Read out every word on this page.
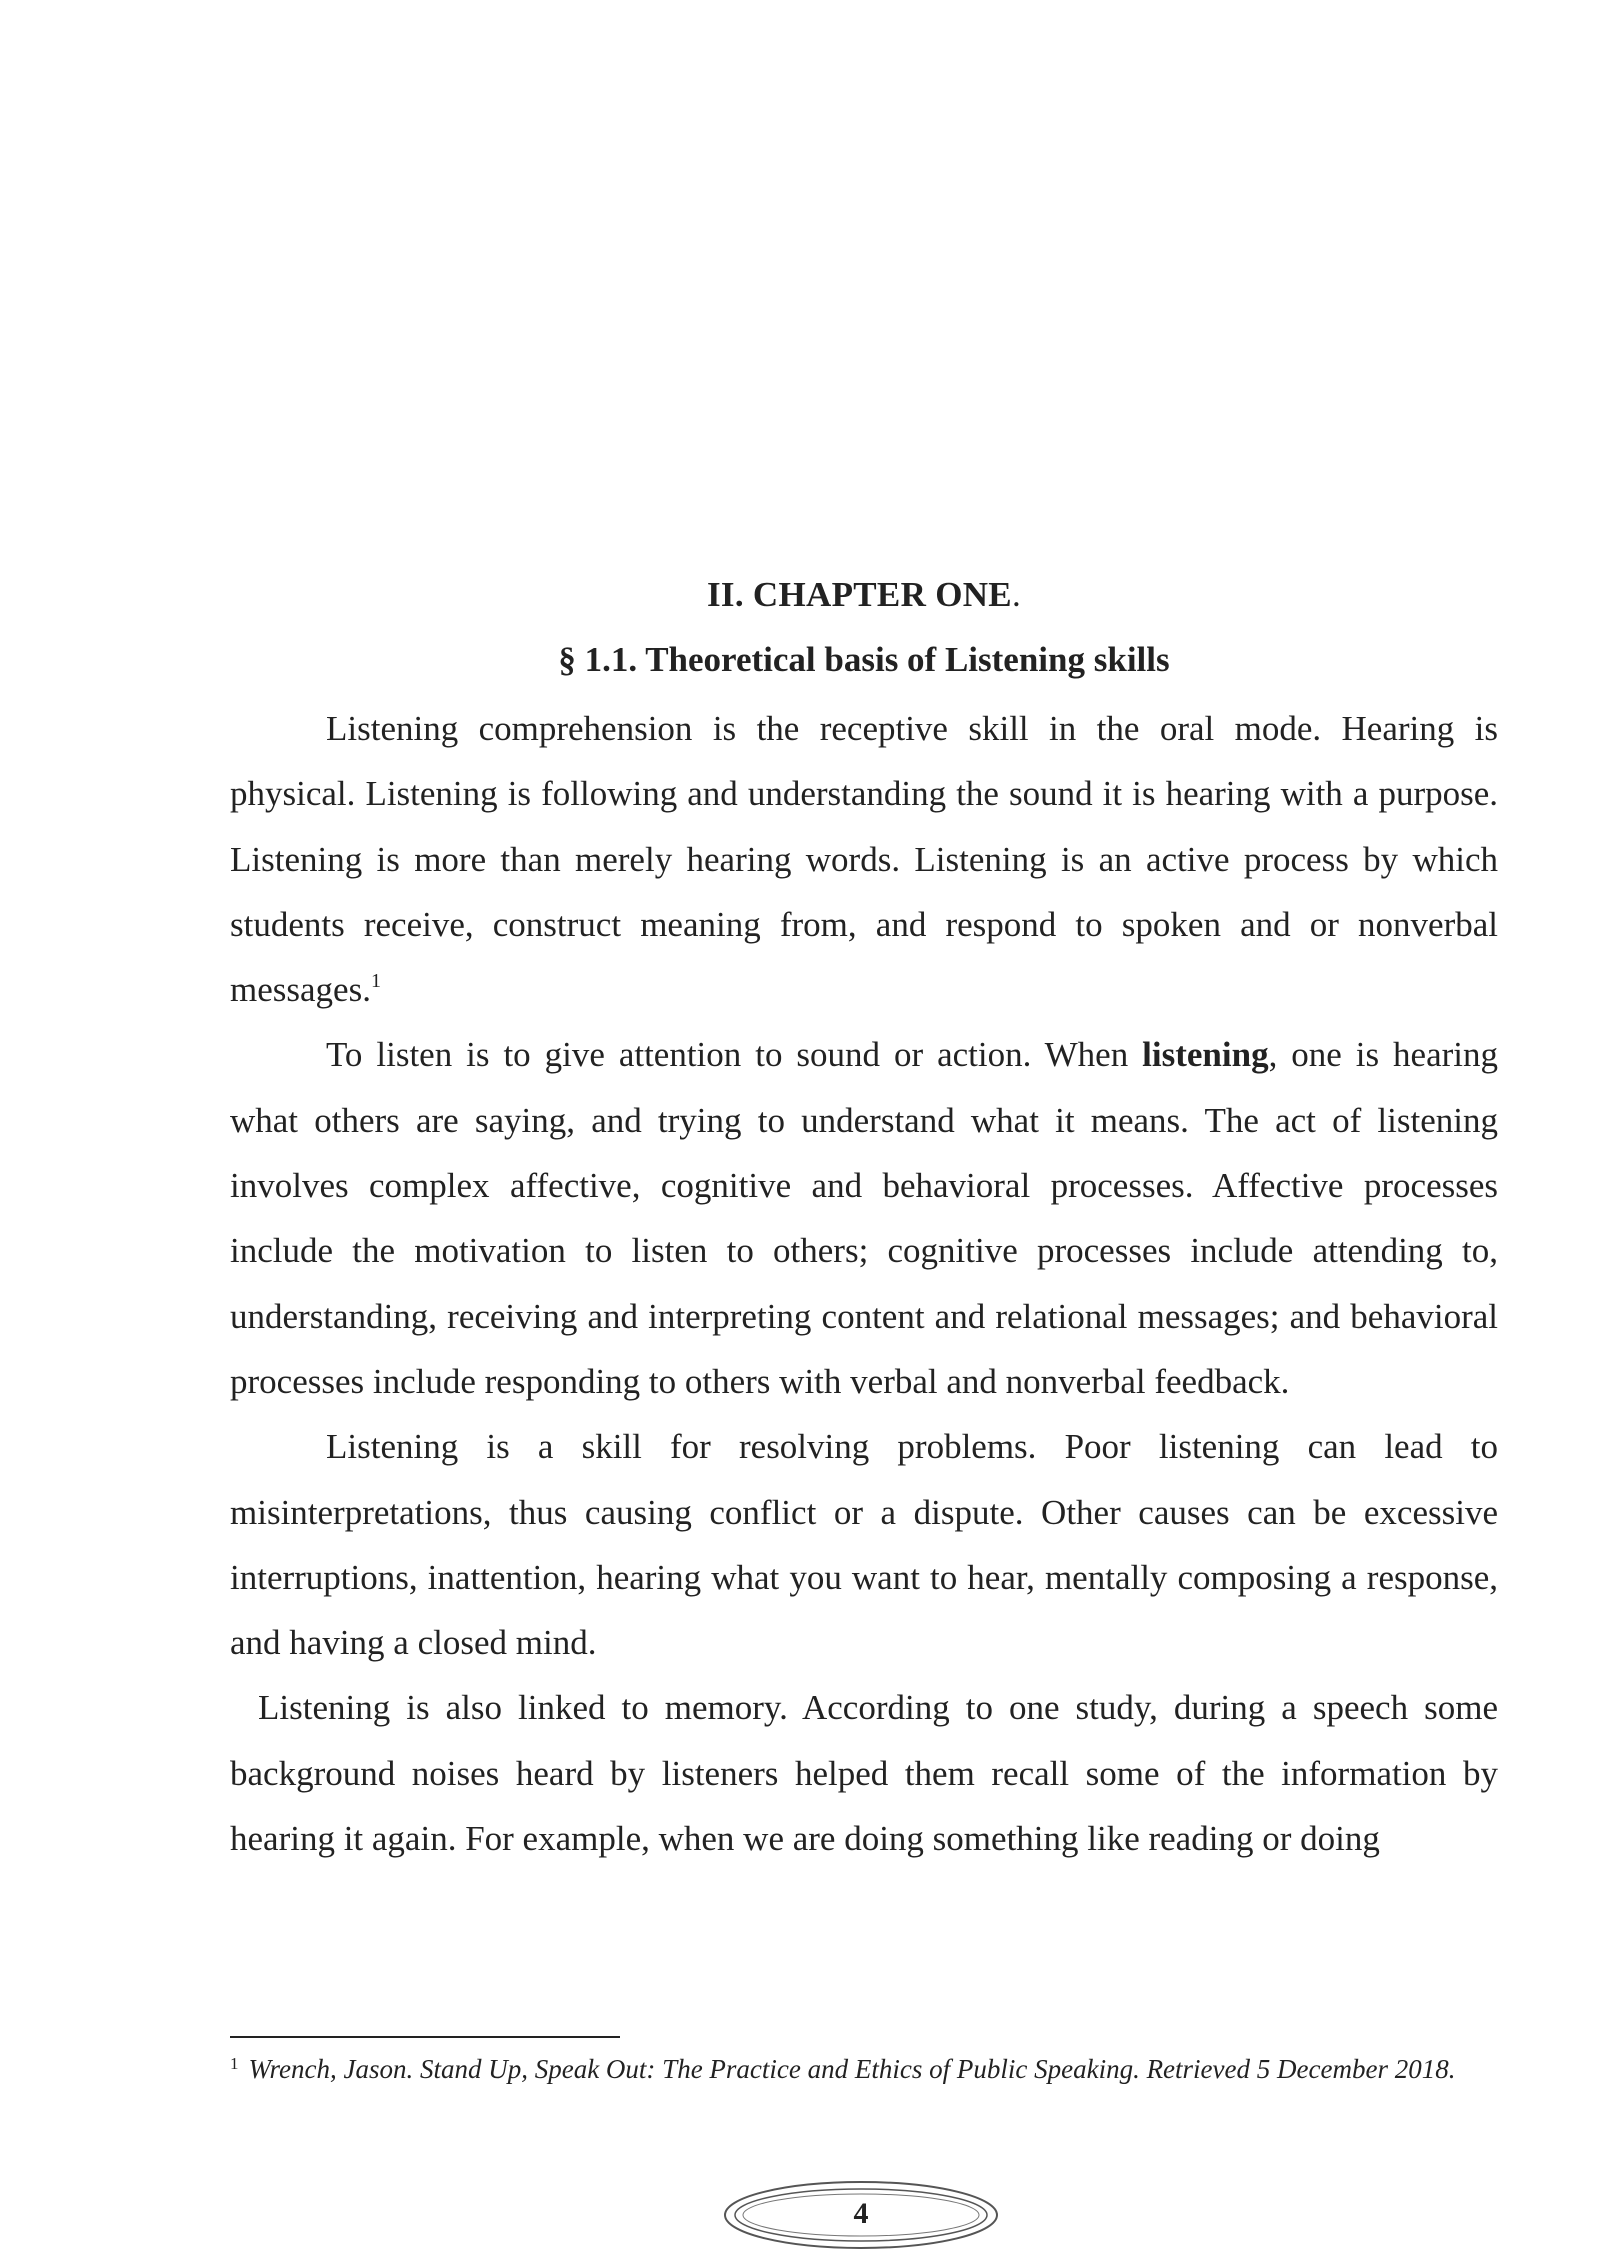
II. CHAPTER ONE.
§ 1.1. Theoretical basis of Listening skills

Listening comprehension is the receptive skill in the oral mode. Hearing is physical. Listening is following and understanding the sound it is hearing with a purpose. Listening is more than merely hearing words. Listening is an active process by which students receive, construct meaning from, and respond to spoken and or nonverbal messages.$^1$

To listen is to give attention to sound or action. When listening, one is hearing what others are saying, and trying to understand what it means. The act of listening involves complex affective, cognitive and behavioral processes. Affective processes include the motivation to listen to others; cognitive processes include attending to, understanding, receiving and interpreting content and relational messages; and behavioral processes include responding to others with verbal and nonverbal feedback.

Listening is a skill for resolving problems. Poor listening can lead to misinterpretations, thus causing conflict or a dispute. Other causes can be excessive interruptions, inattention, hearing what you want to hear, mentally composing a response, and having a closed mind.

Listening is also linked to memory. According to one study, during a speech some background noises heard by listeners helped them recall some of the information by hearing it again. For example, when we are doing something like reading or doing

$^1$ Wrench, Jason. Stand Up, Speak Out: The Practice and Ethics of Public Speaking. Retrieved 5 December 2018.
4
